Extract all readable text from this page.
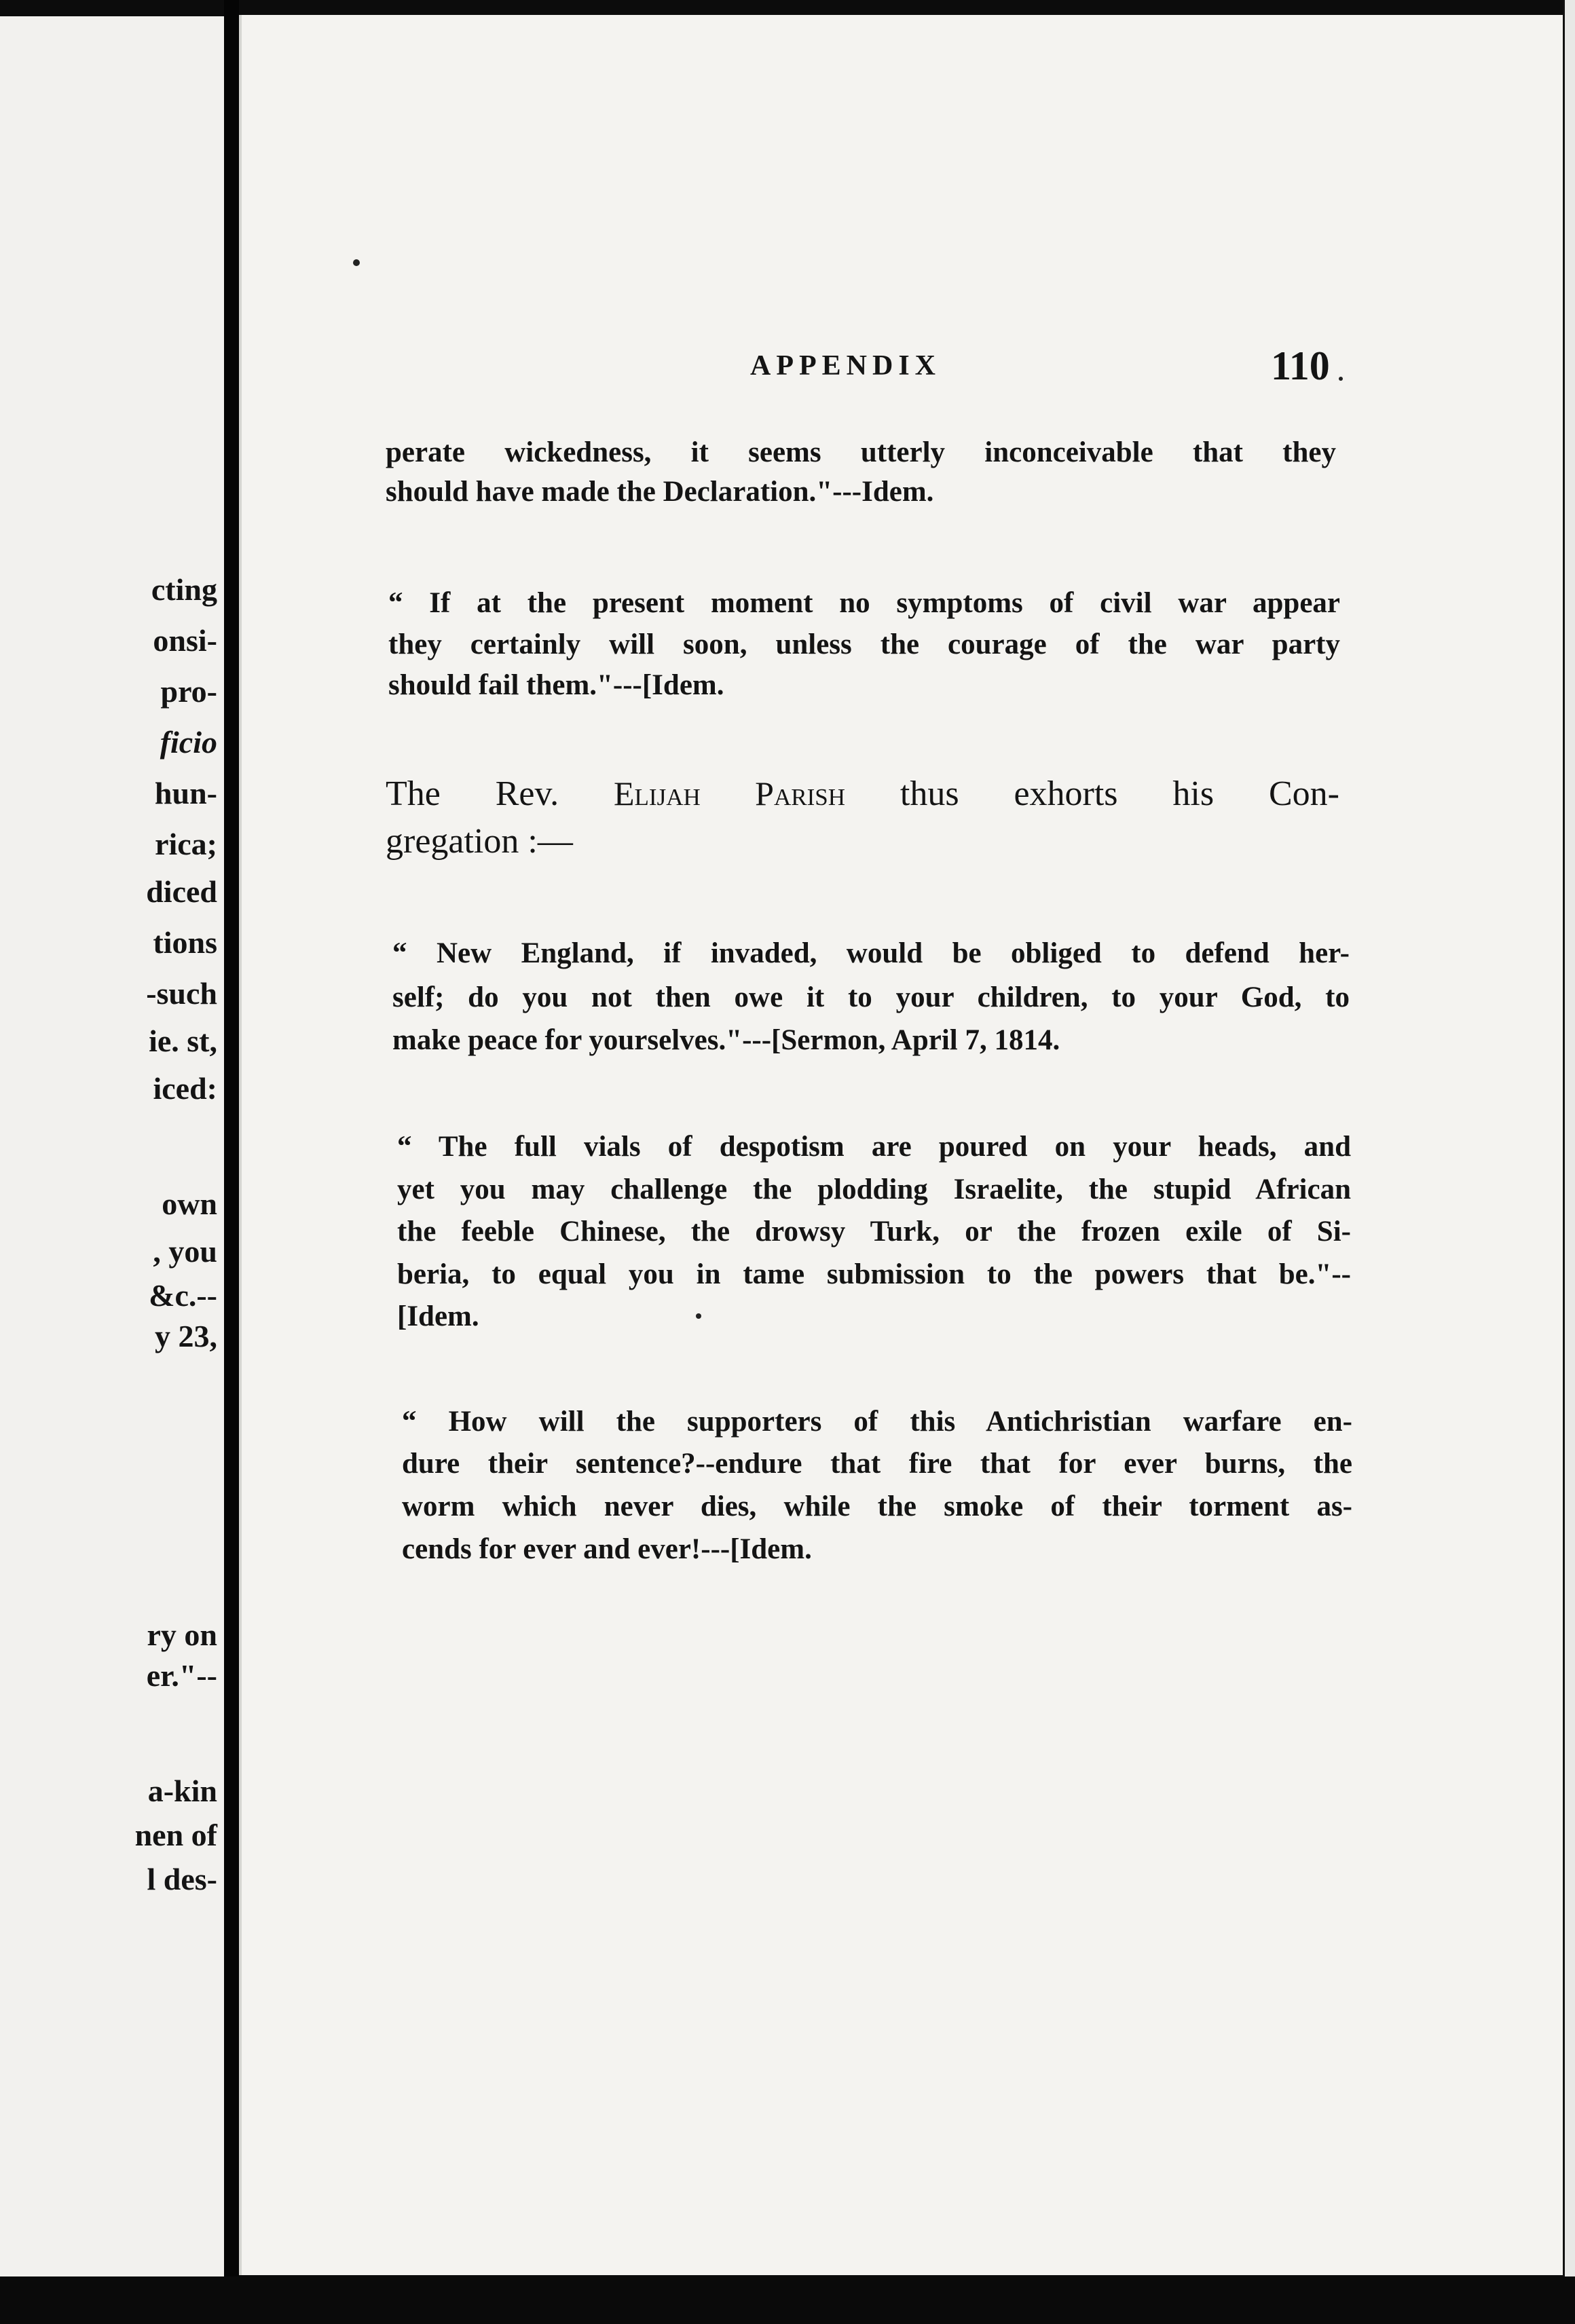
cting
onsi-
pro-
ficio
hun-
rica;
diced
tions
-such
ie. st,
iced:
own
, you
&c.--
y 23,
ry on
er."--
a-kin
nen of
l des-
APPENDIX	110
perate wickedness, it seems utterly inconceivable that they
should have made the Declaration."---Idem.
“ If at the present moment no symptoms of civil war appear
they certainly will soon, unless the courage of the war party
should fail them."---[Idem.
The Rev. Elijah Parish thus exhorts his Con-
gregation :—
“ New England, if invaded, would be obliged to defend her-
self; do you not then owe it to your children, to your God, to
make peace for yourselves."---[Sermon, April 7, 1814.
“ The full vials of despotism are poured on your heads, and
yet you may challenge the plodding Israelite, the stupid African
the feeble Chinese, the drowsy Turk, or the frozen exile of Si-
beria, to equal you in tame submission to the powers that be."--
[Idem.
“ How will the supporters of this Antichristian warfare en-
dure their sentence?--endure that fire that for ever burns, the
worm which never dies, while the smoke of their torment as-
cends for ever and ever!---[Idem.
